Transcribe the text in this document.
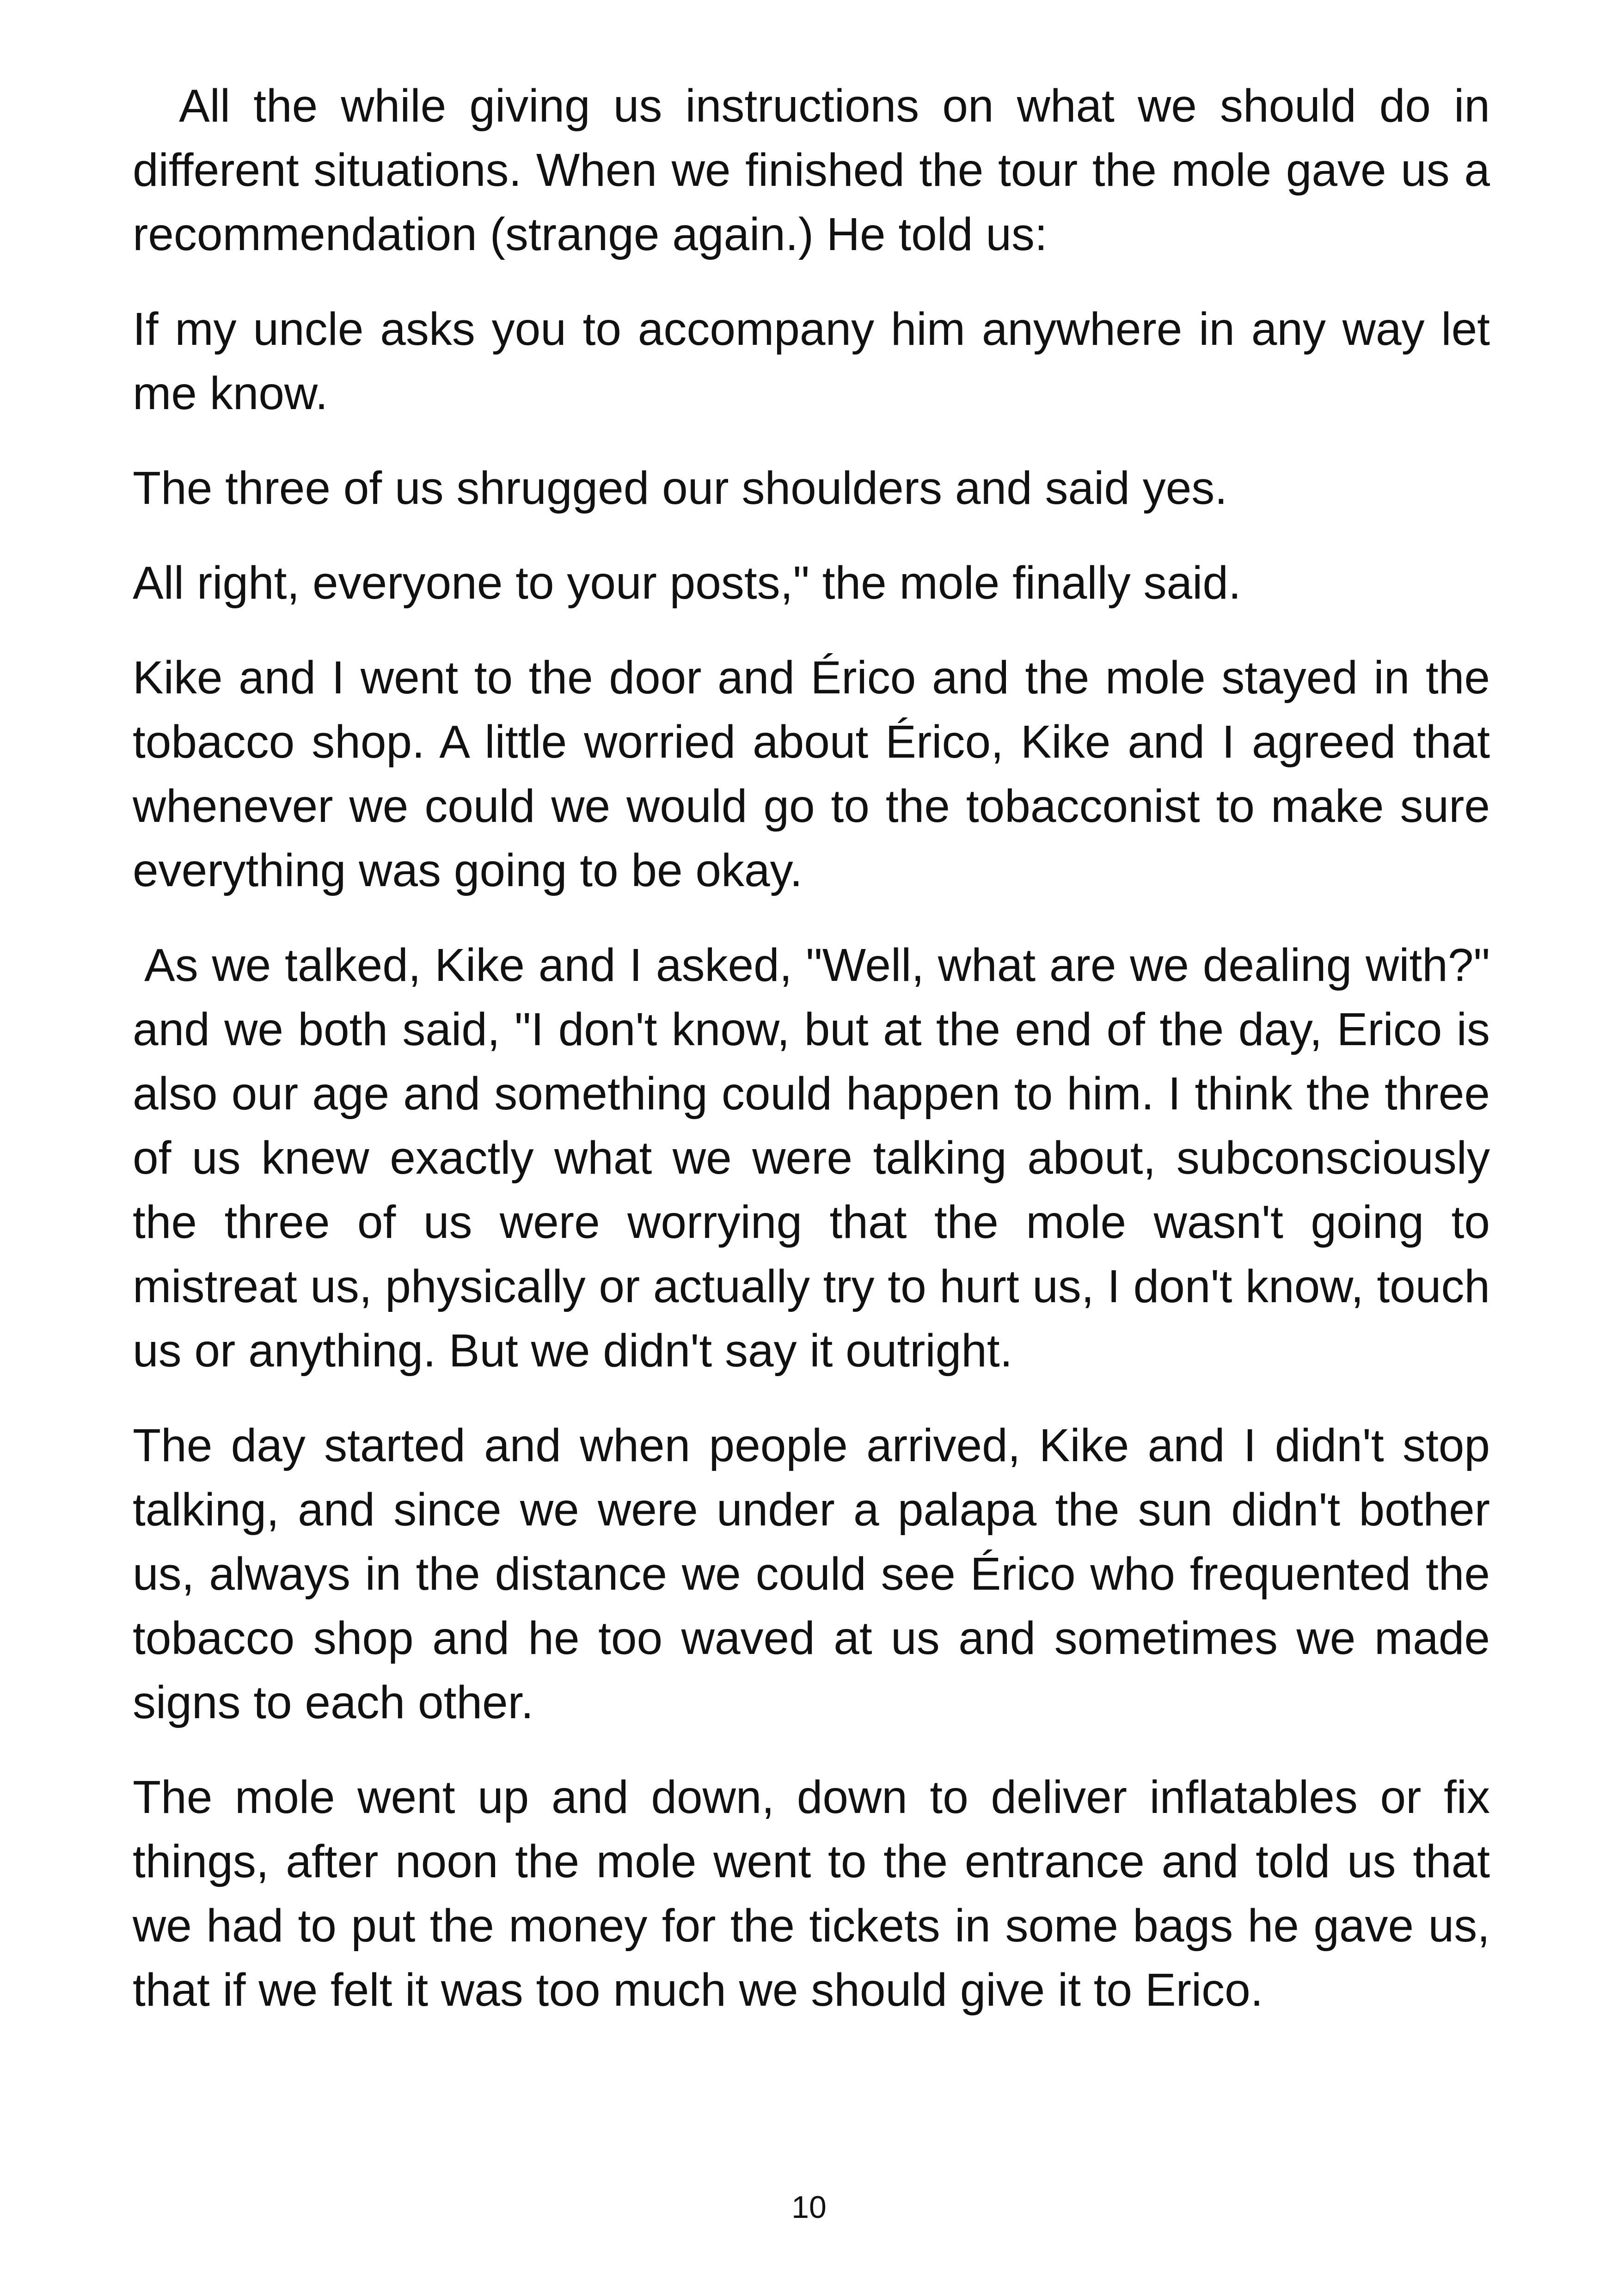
All the while giving us instructions on what we should do in different situations. When we finished the tour the mole gave us a recommendation (strange again.) He told us:

If my uncle asks you to accompany him anywhere in any way let me know.

The three of us shrugged our shoulders and said yes.

All right, everyone to your posts," the mole finally said.

Kike and I went to the door and Érico and the mole stayed in the tobacco shop. A little worried about Érico, Kike and I agreed that whenever we could we would go to the tobacconist to make sure everything was going to be okay.

As we talked, Kike and I asked, "Well, what are we dealing with?" and we both said, "I don't know, but at the end of the day, Erico is also our age and something could happen to him. I think the three of us knew exactly what we were talking about, subconsciously the three of us were worrying that the mole wasn't going to mistreat us, physically or actually try to hurt us, I don't know, touch us or anything. But we didn't say it outright.

The day started and when people arrived, Kike and I didn't stop talking, and since we were under a palapa the sun didn't bother us, always in the distance we could see Érico who frequented the tobacco shop and he too waved at us and sometimes we made signs to each other.

The mole went up and down, down to deliver inflatables or fix things, after noon the mole went to the entrance and told us that we had to put the money for the tickets in some bags he gave us, that if we felt it was too much we should give it to Erico.

10
